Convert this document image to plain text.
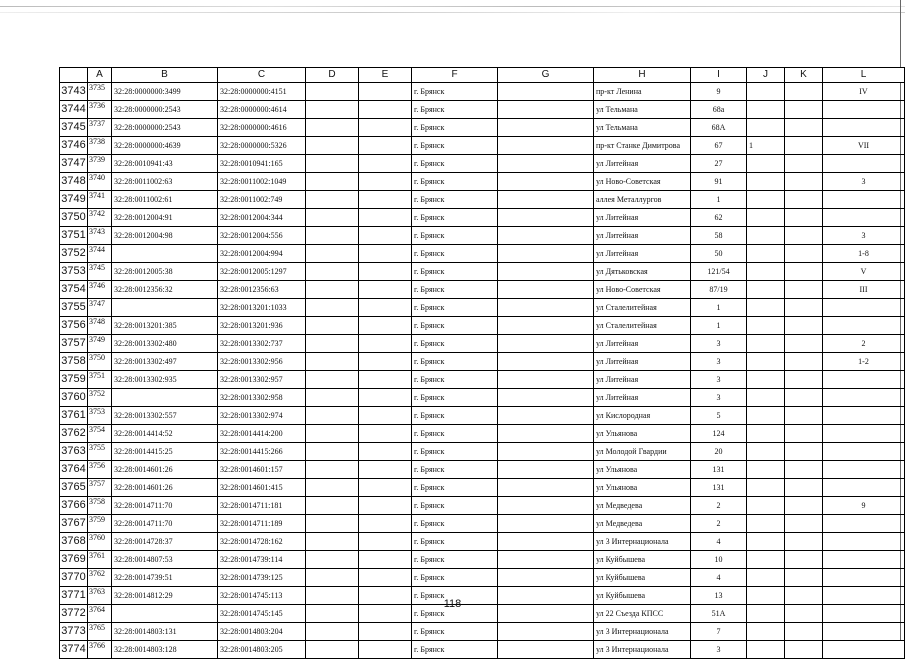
	A	B	C	D	E	F	G	H	I	J	K	L
3743	3735	32:28:0000000:3499	32:28:0000000:4151			г. Брянск		пр-кт Ленина	9			IV
3744	3736	32:28:0000000:2543	32:28:0000000:4614			г. Брянск		ул Тельмана	68а			
3745	3737	32:28:0000000:2543	32:28:0000000:4616			г. Брянск		ул Тельмана	68А			
3746	3738	32:28:0000000:4639	32:28:0000000:5326			г. Брянск		пр-кт Станке Димитрова	67	1		VII
3747	3739	32:28:0010941:43	32:28:0010941:165			г. Брянск		ул Литейная	27			
3748	3740	32:28:0011002:63	32:28:0011002:1049			г. Брянск		ул Ново-Советская	91			3
3749	3741	32:28:0011002:61	32:28:0011002:749			г. Брянск		аллея Металлургов	1			
3750	3742	32:28:0012004:91	32:28:0012004:344			г. Брянск		ул Литейная	62			
3751	3743	32:28:0012004:98	32:28:0012004:556			г. Брянск		ул Литейная	58			3
3752	3744		32:28:0012004:994			г. Брянск		ул Литейная	50			1-8
3753	3745	32:28:0012005:38	32:28:0012005:1297			г. Брянск		ул Дятьковская	121/54			V
3754	3746	32:28:0012356:32	32:28:0012356:63			г. Брянск		ул Ново-Советская	87/19			III
3755	3747		32:28:0013201:1033			г. Брянск		ул Сталелитейная	1			
3756	3748	32:28:0013201:385	32:28:0013201:936			г. Брянск		ул Сталелитейная	1			
3757	3749	32:28:0013302:480	32:28:0013302:737			г. Брянск		ул Литейная	3			2
3758	3750	32:28:0013302:497	32:28:0013302:956			г. Брянск		ул Литейная	3			1-2
3759	3751	32:28:0013302:935	32:28:0013302:957			г. Брянск		ул Литейная	3			
3760	3752		32:28:0013302:958			г. Брянск		ул Литейная	3			
3761	3753	32:28:0013302:557	32:28:0013302:974			г. Брянск		ул Кислородная	5			
3762	3754	32:28:0014414:52	32:28:0014414:200			г. Брянск		ул Ульянова	124			
3763	3755	32:28:0014415:25	32:28:0014415:266			г. Брянск		ул Молодой Гвардии	20			
3764	3756	32:28:0014601:26	32:28:0014601:157			г. Брянск		ул Ульянова	131			
3765	3757	32:28:0014601:26	32:28:0014601:415			г. Брянск		ул Ульянова	131			
3766	3758	32:28:0014711:70	32:28:0014711:181			г. Брянск		ул Медведева	2			9
3767	3759	32:28:0014711:70	32:28:0014711:189			г. Брянск		ул Медведева	2			
3768	3760	32:28:0014728:37	32:28:0014728:162			г. Брянск		ул 3 Интернационала	4			
3769	3761	32:28:0014807:53	32:28:0014739:114			г. Брянск		ул Куйбышева	10			
3770	3762	32:28:0014739:51	32:28:0014739:125			г. Брянск		ул Куйбышева	4			
3771	3763	32:28:0014812:29	32:28:0014745:113			г. Брянск		ул Куйбышева	13			
3772	3764		32:28:0014745:145			г. Брянск		ул 22 Съезда КПСС	51А			
3773	3765	32:28:0014803:131	32:28:0014803:204			г. Брянск		ул 3 Интернационала	7			
3774	3766	32:28:0014803:128	32:28:0014803:205			г. Брянск		ул 3 Интернационала	3			
118
